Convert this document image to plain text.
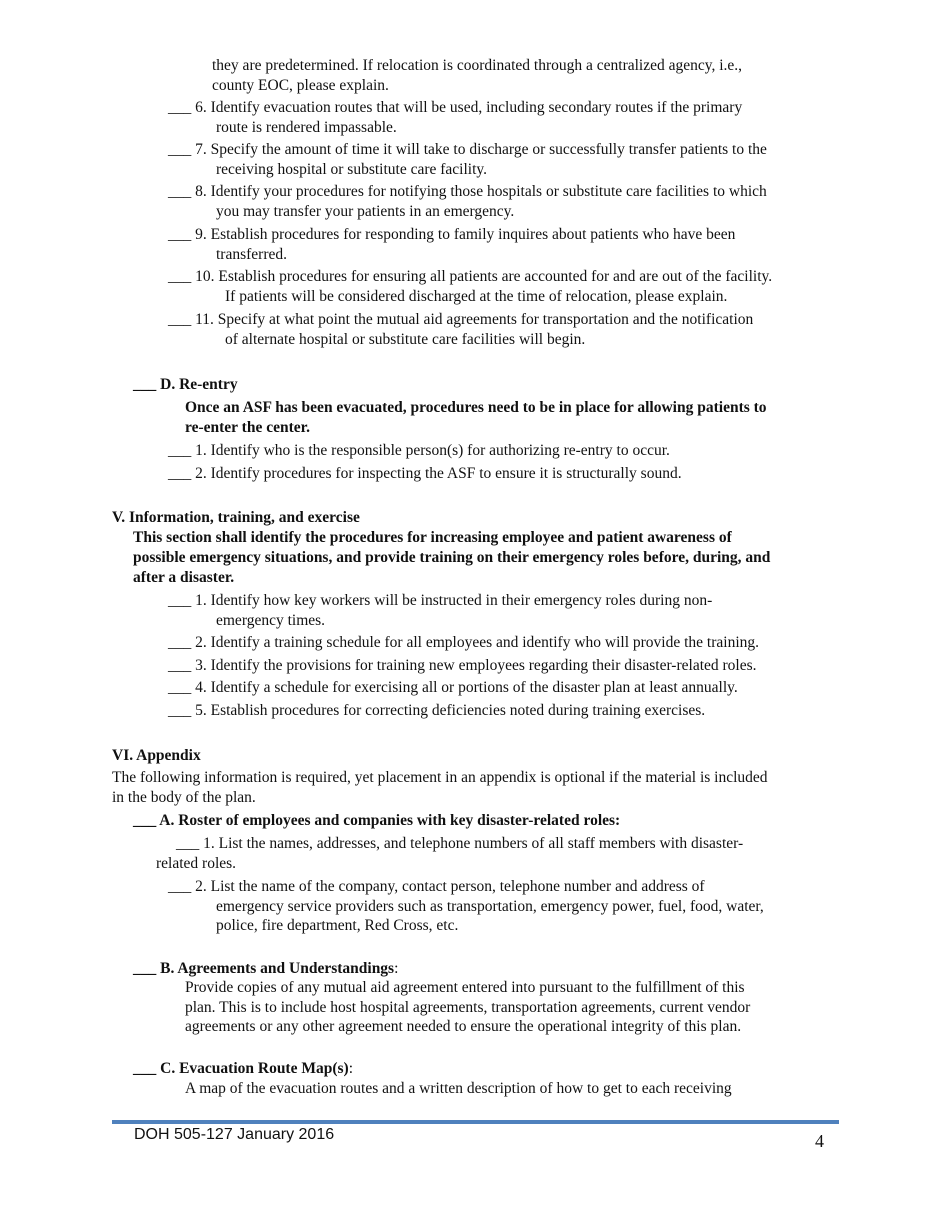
they are predetermined. If relocation is coordinated through a centralized agency, i.e.,
county EOC, please explain.
___ 6. Identify evacuation routes that will be used, including secondary routes if the primary
route is rendered impassable.
___ 7. Specify the amount of time it will take to discharge or successfully transfer patients to the
receiving hospital or substitute care facility.
___ 8. Identify your procedures for notifying those hospitals or substitute care facilities to which
you may transfer your patients in an emergency.
___ 9. Establish procedures for responding to family inquires about patients who have been
transferred.
___ 10. Establish procedures for ensuring all patients are accounted for and are out of the facility.
If patients will be considered discharged at the time of relocation, please explain.
___ 11. Specify at what point the mutual aid agreements for transportation and the notification
of alternate hospital or substitute care facilities will begin.
___ D. Re-entry
Once an ASF has been evacuated, procedures need to be in place for allowing patients to
re-enter the center.
___ 1. Identify who is the responsible person(s) for authorizing re-entry to occur.
___ 2. Identify procedures for inspecting the ASF to ensure it is structurally sound.
V. Information, training, and exercise
This section shall identify the procedures for increasing employee and patient awareness of
possible emergency situations, and provide training on their emergency roles before, during, and
after a disaster.
___ 1. Identify how key workers will be instructed in their emergency roles during non-
emergency times.
___ 2. Identify a training schedule for all employees and identify who will provide the training.
___ 3. Identify the provisions for training new employees regarding their disaster-related roles.
___ 4. Identify a schedule for exercising all or portions of the disaster plan at least annually.
___ 5. Establish procedures for correcting deficiencies noted during training exercises.
VI. Appendix
The following information is required, yet placement in an appendix is optional if the material is included
in the body of the plan.
___ A. Roster of employees and companies with key disaster-related roles:
___ 1. List the names, addresses, and telephone numbers of all staff members with disaster-
related roles.
___ 2. List the name of the company, contact person, telephone number and address of
emergency service providers such as transportation, emergency power, fuel, food, water,
police, fire department, Red Cross, etc.
___ B. Agreements and Understandings:
Provide copies of any mutual aid agreement entered into pursuant to the fulfillment of this
plan. This is to include host hospital agreements, transportation agreements, current vendor
agreements or any other agreement needed to ensure the operational integrity of this plan.
___ C. Evacuation Route Map(s):
A map of the evacuation routes and a written description of how to get to each receiving
DOH 505-127 January 2016	4
